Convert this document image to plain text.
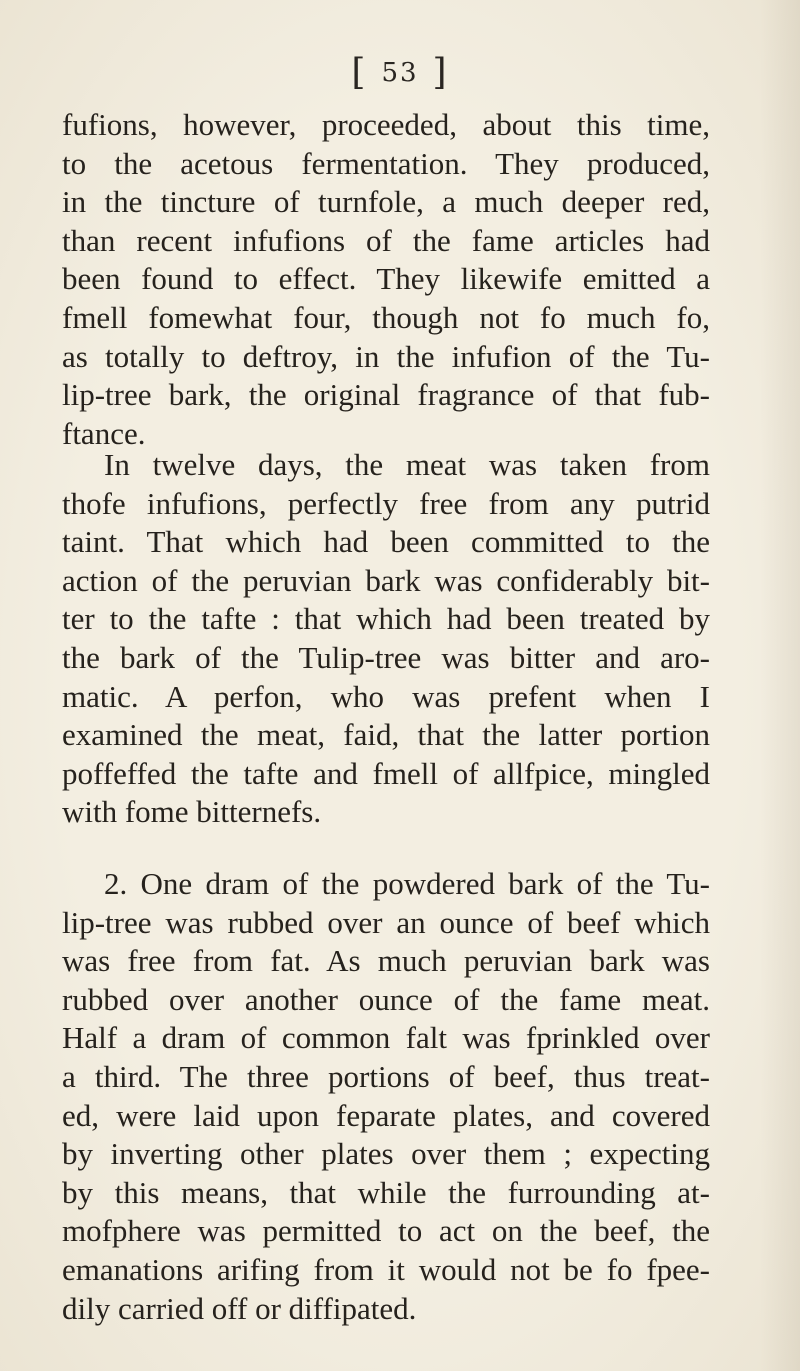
[ 53 ]
fufions, however, proceeded, about this time,
to the acetous fermentation. They produced,
in the tincture of turnfole, a much deeper red,
than recent infufions of the fame articles had
been found to effect. They likewife emitted a
fmell fomewhat four, though not fo much fo,
as totally to deftroy, in the infufion of the Tu-
lip-tree bark, the original fragrance of that fub-
ftance.
In twelve days, the meat was taken from
thofe infufions, perfectly free from any putrid
taint. That which had been committed to the
action of the peruvian bark was confiderably bit-
ter to the tafte : that which had been treated by
the bark of the Tulip-tree was bitter and aro-
matic. A perfon, who was prefent when I
examined the meat, faid, that the latter portion
poffeffed the tafte and fmell of allfpice, mingled
with fome bitternefs.
2. One dram of the powdered bark of the Tu-
lip-tree was rubbed over an ounce of beef which
was free from fat. As much peruvian bark was
rubbed over another ounce of the fame meat.
Half a dram of common falt was fprinkled over
a third. The three portions of beef, thus treat-
ed, were laid upon feparate plates, and covered
by inverting other plates over them ; expecting
by this means, that while the furrounding at-
mofphere was permitted to act on the beef, the
emanations arifing from it would not be fo fpee-
dily carried off or diffipated.
